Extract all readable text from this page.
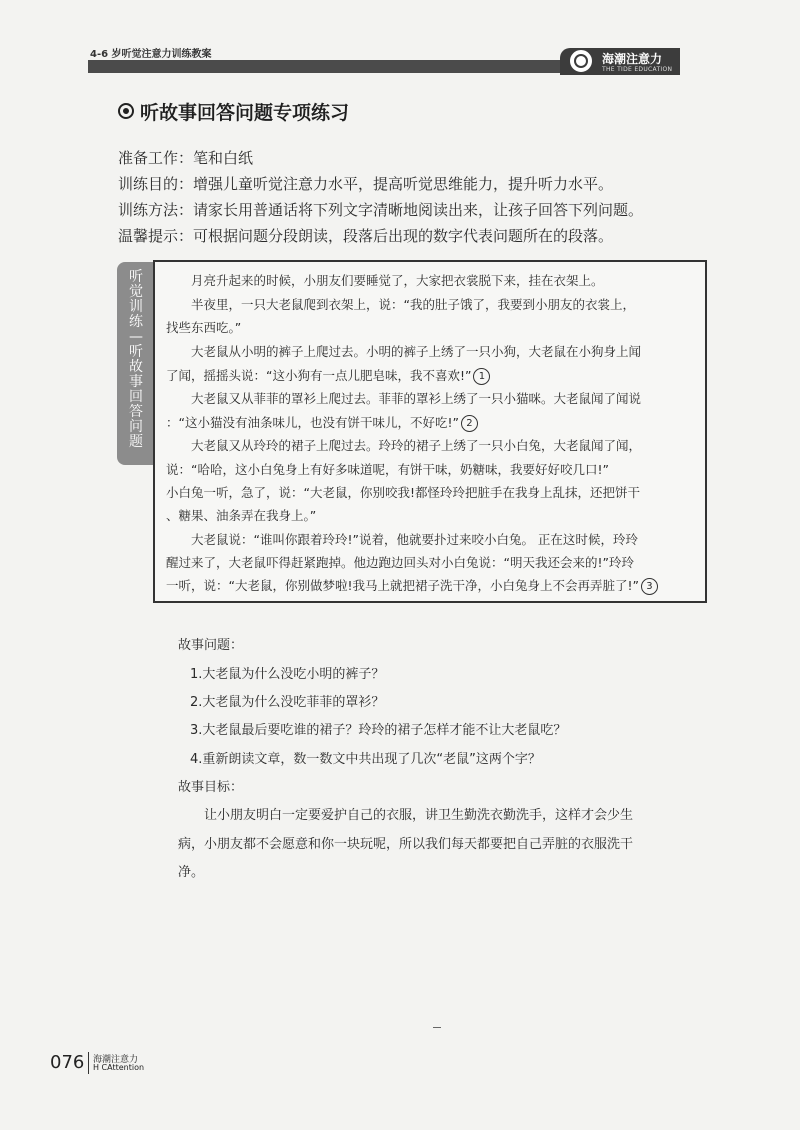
4-6 岁听觉注意力训练教案	海潮注意力
THE TIDE EDUCATION
听故事回答问题专项练习
准备工作：笔和白纸
训练目的：增强儿童听觉注意力水平，提高听觉思维能力，提升听力水平。
训练方法：请家长用普通话将下列文字清晰地阅读出来，让孩子回答下列问题。
温馨提示：可根据问题分段朗读，段落后出现的数字代表问题所在的段落。
听觉训练—听故事回答问题
　　月亮升起来的时候，小朋友们要睡觉了，大家把衣裳脱下来，挂在衣架上。
　　半夜里，一只大老鼠爬到衣架上，说：“我的肚子饿了，我要到小朋友的衣裳上，
找些东西吃。”
　　大老鼠从小明的裤子上爬过去。小明的裤子上绣了一只小狗，大老鼠在小狗身上闻
了闻，摇摇头说：“这小狗有一点儿肥皂味，我不喜欢!” 1
　　大老鼠又从菲菲的罩衫上爬过去。菲菲的罩衫上绣了一只小猫咪。大老鼠闻了闻说
：“这小猫没有油条味儿，也没有饼干味儿，不好吃!” 2
　　大老鼠又从玲玲的裙子上爬过去。玲玲的裙子上绣了一只小白兔，大老鼠闻了闻，
说：“哈哈，这小白兔身上有好多味道呢，有饼干味，奶糖味，我要好好咬几口!”
小白兔一听，急了，说：“大老鼠，你别咬我!都怪玲玲把脏手在我身上乱抹，还把饼干
、糖果、油条弄在我身上。”
　　大老鼠说：“谁叫你跟着玲玲!”说着，他就要扑过来咬小白兔。 正在这时候，玲玲
醒过来了，大老鼠吓得赶紧跑掉。他边跑边回头对小白兔说：“明天我还会来的!”玲玲
一听，说：“大老鼠，你别做梦啦!我马上就把裙子洗干净，小白兔身上不会再弄脏了!” 3
故事问题：
1.大老鼠为什么没吃小明的裤子？
2.大老鼠为什么没吃菲菲的罩衫？
3.大老鼠最后要吃谁的裙子？玲玲的裙子怎样才能不让大老鼠吃？
4.重新朗读文章，数一数文中共出现了几次“老鼠”这两个字？
故事目标：
　　让小朋友明白一定要爱护自己的衣服，讲卫生勤洗衣勤洗手，这样才会少生
病，小朋友都不会愿意和你一块玩呢，所以我们每天都要把自己弄脏的衣服洗干
净。
076 海潮注意力
H CAttention
